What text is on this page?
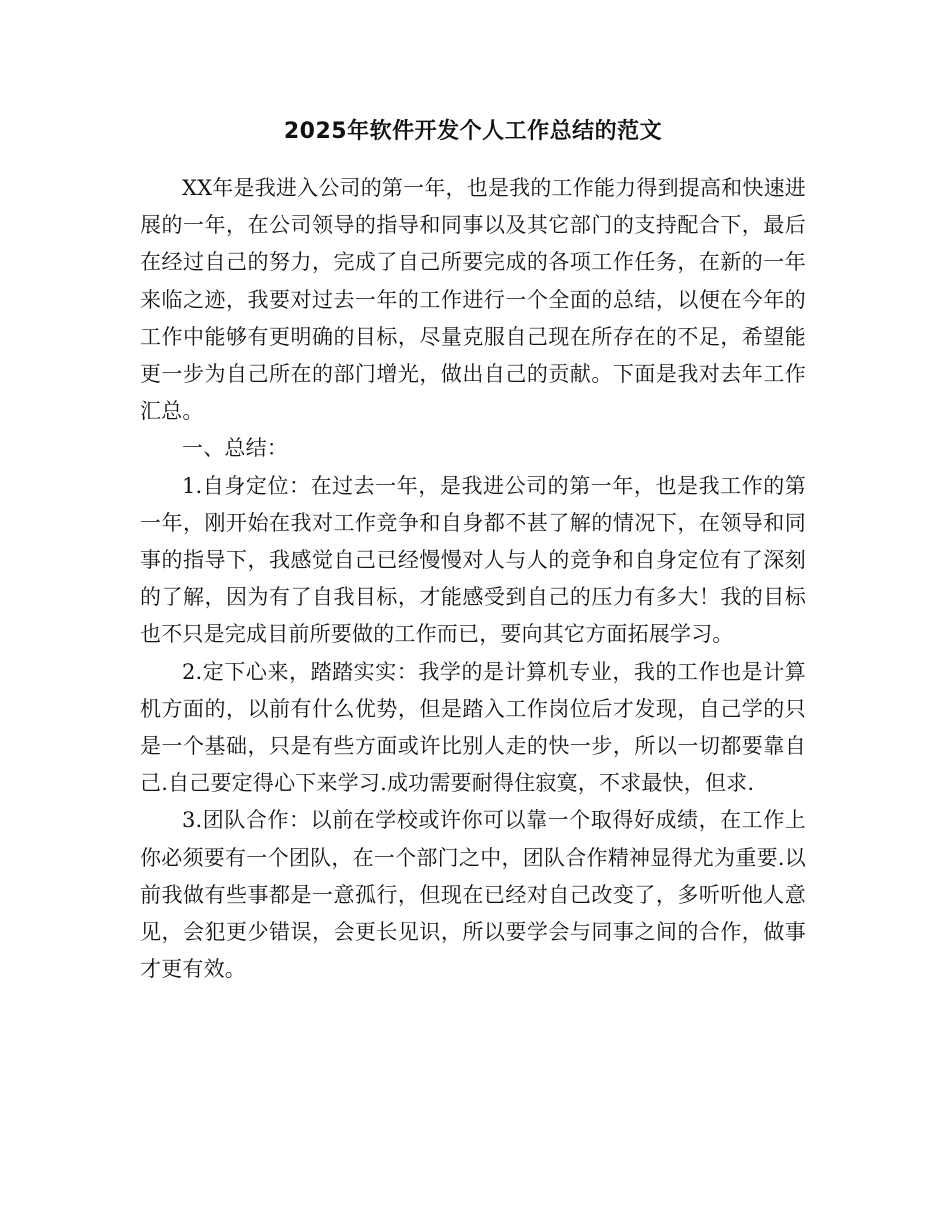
2025年软件开发个人工作总结的范文

XX年是我进入公司的第一年，也是我的工作能力得到提高和快速进展的一年，在公司领导的指导和同事以及其它部门的支持配合下，最后在经过自己的努力，完成了自己所要完成的各项工作任务，在新的一年来临之迹，我要对过去一年的工作进行一个全面的总结，以便在今年的工作中能够有更明确的目标，尽量克服自己现在所存在的不足，希望能更一步为自己所在的部门增光，做出自己的贡献。下面是我对去年工作汇总。

一、总结：

1.自身定位：在过去一年，是我进公司的第一年，也是我工作的第一年，刚开始在我对工作竞争和自身都不甚了解的情况下，在领导和同事的指导下，我感觉自己已经慢慢对人与人的竞争和自身定位有了深刻的了解，因为有了自我目标，才能感受到自己的压力有多大！我的目标也不只是完成目前所要做的工作而已，要向其它方面拓展学习。

2.定下心来，踏踏实实：我学的是计算机专业，我的工作也是计算机方面的，以前有什么优势，但是踏入工作岗位后才发现，自己学的只是一个基础，只是有些方面或许比别人走的快一步，所以一切都要靠自己.自己要定得心下来学习.成功需要耐得住寂寞，不求最快，但求.

3.团队合作：以前在学校或许你可以靠一个取得好成绩，在工作上你必须要有一个团队，在一个部门之中，团队合作精神显得尤为重要.以前我做有些事都是一意孤行，但现在已经对自己改变了，多听听他人意见，会犯更少错误，会更长见识，所以要学会与同事之间的合作，做事才更有效。
